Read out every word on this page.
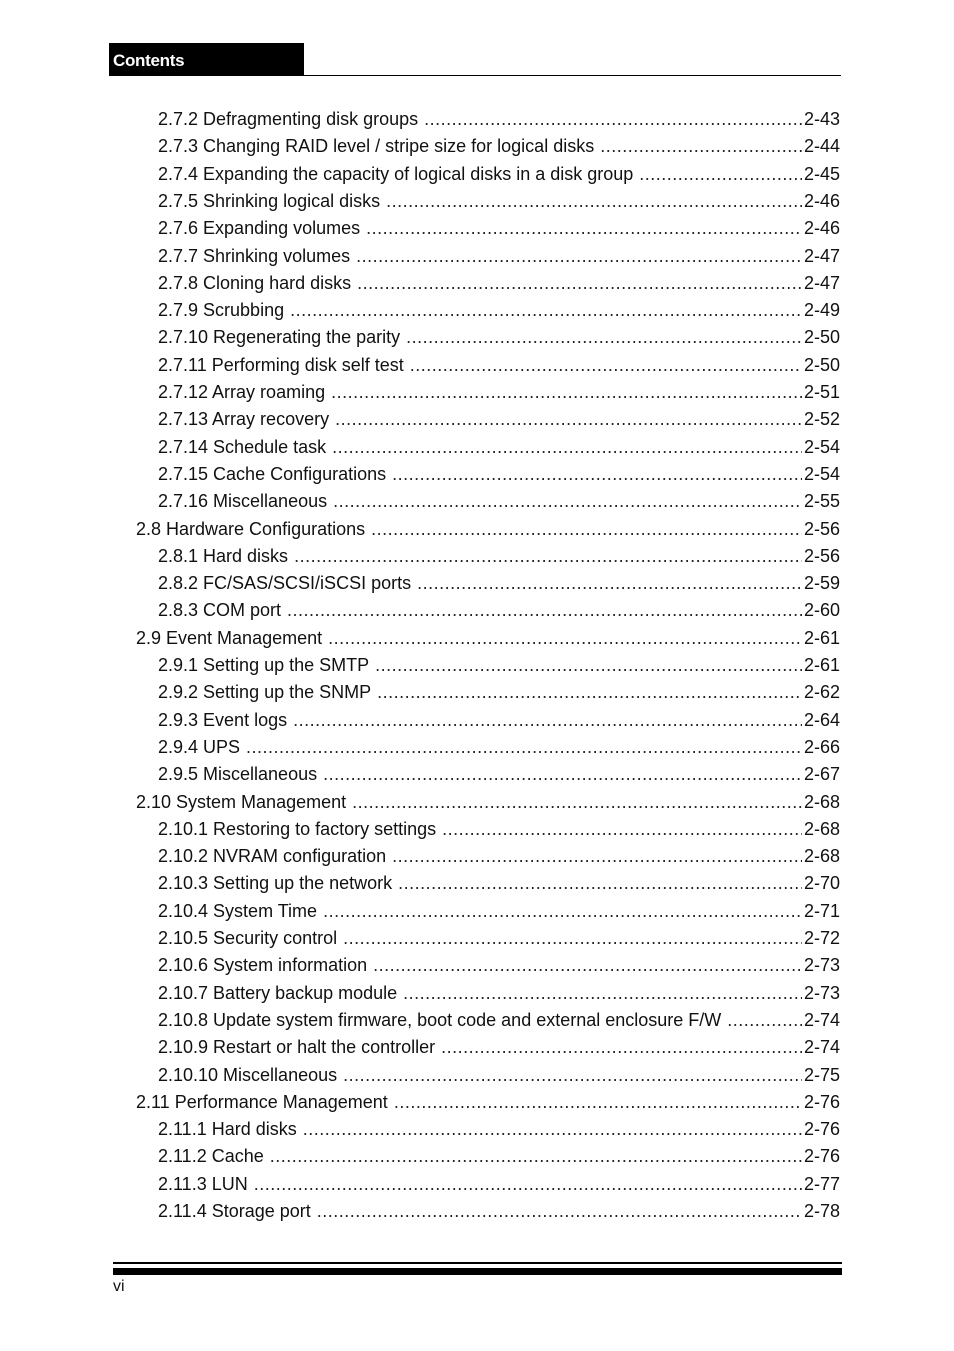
Contents
2.7.2 Defragmenting disk groups .....	2-43
2.7.3 Changing RAID level / stripe size for logical disks .....	2-44
2.7.4 Expanding the capacity of logical disks in a disk group .....	2-45
2.7.5 Shrinking logical disks .....	2-46
2.7.6 Expanding volumes .....	2-46
2.7.7 Shrinking volumes .....	2-47
2.7.8 Cloning hard disks .....	2-47
2.7.9 Scrubbing .....	2-49
2.7.10 Regenerating the parity .....	2-50
2.7.11 Performing disk self test .....	2-50
2.7.12 Array roaming .....	2-51
2.7.13 Array recovery .....	2-52
2.7.14 Schedule task .....	2-54
2.7.15 Cache Configurations .....	2-54
2.7.16 Miscellaneous .....	2-55
2.8 Hardware Configurations .....	2-56
2.8.1 Hard disks .....	2-56
2.8.2 FC/SAS/SCSI/iSCSI ports .....	2-59
2.8.3 COM port .....	2-60
2.9 Event Management .....	2-61
2.9.1 Setting up the SMTP .....	2-61
2.9.2 Setting up the SNMP .....	2-62
2.9.3 Event logs .....	2-64
2.9.4 UPS .....	2-66
2.9.5 Miscellaneous .....	2-67
2.10 System Management .....	2-68
2.10.1 Restoring to factory settings .....	2-68
2.10.2 NVRAM configuration .....	2-68
2.10.3 Setting up the network .....	2-70
2.10.4 System Time .....	2-71
2.10.5 Security control .....	2-72
2.10.6 System information .....	2-73
2.10.7 Battery backup module .....	2-73
2.10.8 Update system firmware, boot code and external enclosure F/W .....	2-74
2.10.9 Restart or halt the controller .....	2-74
2.10.10 Miscellaneous .....	2-75
2.11 Performance Management .....	2-76
2.11.1 Hard disks .....	2-76
2.11.2 Cache .....	2-76
2.11.3 LUN .....	2-77
2.11.4 Storage port .....	2-78
vi
